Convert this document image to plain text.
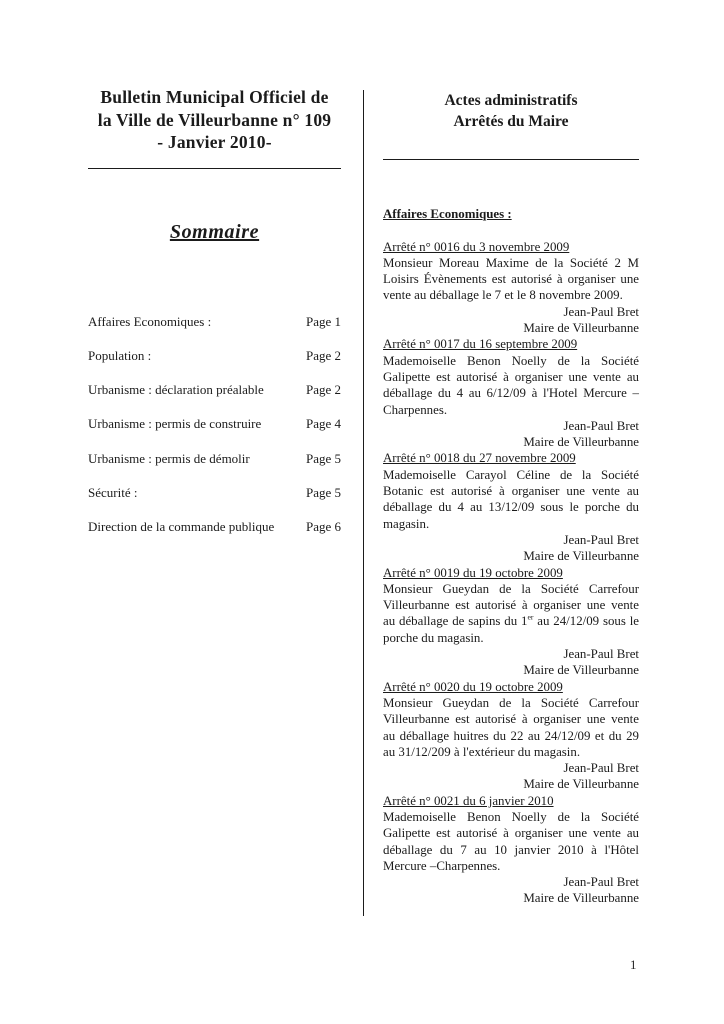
Bulletin Municipal Officiel de
la Ville de Villeurbanne n° 109
- Janvier 2010-
Sommaire
Affaires Economiques :	Page 1
Population :	Page 2
Urbanisme : déclaration préalable	Page 2
Urbanisme : permis de construire	Page 4
Urbanisme : permis de démolir	Page 5
Sécurité :	Page 5
Direction de la commande publique Page 6
Actes administratifs
Arrêtés du Maire
Affaires Economiques :
Arrêté n° 0016 du 3 novembre 2009

Monsieur Moreau Maxime de la Société 2 M Loisirs Évènements est autorisé à organiser une vente au déballage le 7 et le 8 novembre 2009.

Jean-Paul Bret
Maire de Villeurbanne
Arrêté n° 0017 du 16 septembre 2009

Mademoiselle Benon Noelly de la Société Galipette est autorisé à organiser une vente au déballage du 4 au 6/12/09 à l'Hotel Mercure – Charpennes.

Jean-Paul Bret
Maire de Villeurbanne
Arrêté n° 0018 du 27 novembre 2009

Mademoiselle Carayol Céline de la Société Botanic est autorisé à organiser une vente au déballage du 4 au 13/12/09 sous le porche du magasin.

Jean-Paul Bret
Maire de Villeurbanne
Arrêté n° 0019 du 19 octobre 2009

Monsieur Gueydan de la Société Carrefour Villeurbanne est autorisé à organiser une vente au déballage de sapins du 1er au 24/12/09 sous le porche du magasin.

Jean-Paul Bret
Maire de Villeurbanne
Arrêté n° 0020 du 19 octobre 2009

Monsieur Gueydan de la Société Carrefour Villeurbanne est autorisé à organiser une vente au déballage huitres du 22 au 24/12/09 et du 29 au 31/12/209 à l'extérieur du magasin.

Jean-Paul Bret
Maire de Villeurbanne
Arrêté n° 0021 du 6 janvier 2010

Mademoiselle Benon Noelly de la Société Galipette est autorisé à organiser une vente au déballage du 7 au 10 janvier 2010 à l'Hôtel Mercure –Charpennes.

Jean-Paul Bret
Maire de Villeurbanne
1
